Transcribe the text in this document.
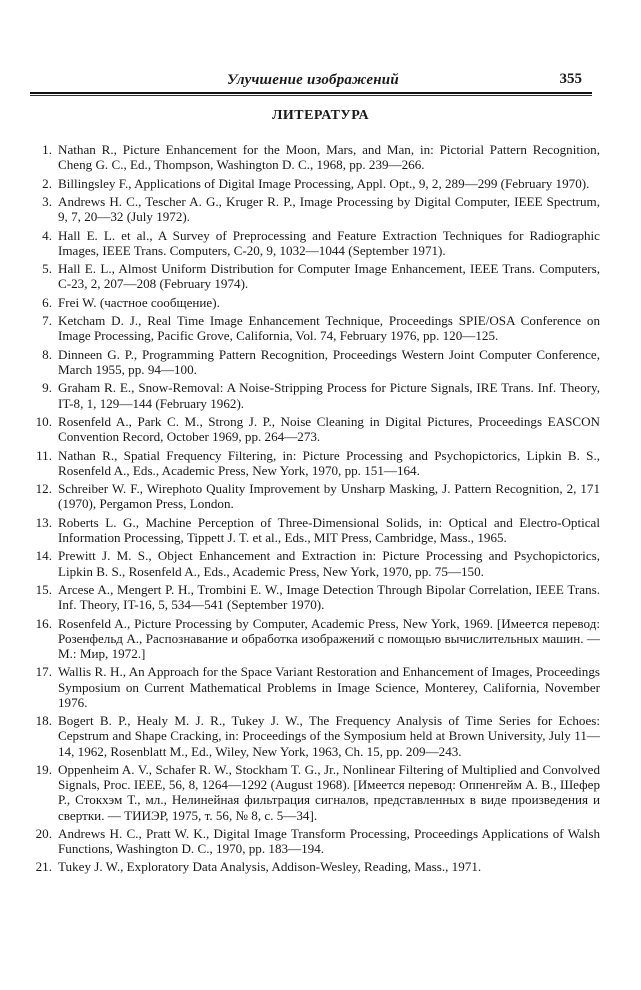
Улучшение изображений	355
ЛИТЕРАТУРА
1. Nathan R., Picture Enhancement for the Moon, Mars, and Man, in: Pictorial Pattern Recognition, Cheng G. C., Ed., Thompson, Washington D. C., 1968, pp. 239—266.
2. Billingsley F., Applications of Digital Image Processing, Appl. Opt., 9, 2, 289—299 (February 1970).
3. Andrews H. C., Tescher A. G., Kruger R. P., Image Processing by Digital Computer, IEEE Spectrum, 9, 7, 20—32 (July 1972).
4. Hall E. L. et al., A Survey of Preprocessing and Feature Extraction Techniques for Radiographic Images, IEEE Trans. Computers, C-20, 9, 1032—1044 (September 1971).
5. Hall E. L., Almost Uniform Distribution for Computer Image Enhancement, IEEE Trans. Computers, C-23, 2, 207—208 (February 1974).
6. Frei W. (частное сообщение).
7. Ketcham D. J., Real Time Image Enhancement Technique, Proceedings SPIE/OSA Conference on Image Processing, Pacific Grove, California, Vol. 74, February 1976, pp. 120—125.
8. Dinneen G. P., Programming Pattern Recognition, Proceedings Western Joint Computer Conference, March 1955, pp. 94—100.
9. Graham R. E., Snow-Removal: A Noise-Stripping Process for Picture Signals, IRE Trans. Inf. Theory, IT-8, 1, 129—144 (February 1962).
10. Rosenfeld A., Park C. M., Strong J. P., Noise Cleaning in Digital Pictures, Proceedings EASCON Convention Record, October 1969, pp. 264—273.
11. Nathan R., Spatial Frequency Filtering, in: Picture Processing and Psychopictorics, Lipkin B. S., Rosenfeld A., Eds., Academic Press, New York, 1970, pp. 151—164.
12. Schreiber W. F., Wirephoto Quality Improvement by Unsharp Masking, J. Pattern Recognition, 2, 171 (1970), Pergamon Press, London.
13. Roberts L. G., Machine Perception of Three-Dimensional Solids, in: Optical and Electro-Optical Information Processing, Tippett J. T. et al., Eds., MIT Press, Cambridge, Mass., 1965.
14. Prewitt J. M. S., Object Enhancement and Extraction in: Picture Processing and Psychopictorics, Lipkin B. S., Rosenfeld A., Eds., Academic Press, New York, 1970, pp. 75—150.
15. Arcese A., Mengert P. H., Trombini E. W., Image Detection Through Bipolar Correlation, IEEE Trans. Inf. Theory, IT-16, 5, 534—541 (September 1970).
16. Rosenfeld A., Picture Processing by Computer, Academic Press, New York, 1969. [Имеется перевод: Розенфельд А., Распознавание и обработка изображений с помощью вычислительных машин. — М.: Мир, 1972.]
17. Wallis R. H., An Approach for the Space Variant Restoration and Enhancement of Images, Proceedings Symposium on Current Mathematical Problems in Image Science, Monterey, California, November 1976.
18. Bogert B. P., Healy M. J. R., Tukey J. W., The Frequency Analysis of Time Series for Echoes: Cepstrum and Shape Cracking, in: Proceedings of the Symposium held at Brown University, July 11—14, 1962, Rosenblatt M., Ed., Wiley, New York, 1963, Ch. 15, pp. 209—243.
19. Oppenheim A. V., Schafer R. W., Stockham T. G., Jr., Nonlinear Filtering of Multiplied and Convolved Signals, Proc. IEEE, 56, 8, 1264—1292 (August 1968). [Имеется перевод: Оппенгейм А. В., Шефер Р., Стокхэм Т., мл., Нелинейная фильтрация сигналов, представленных в виде произведения и свертки. — ТИИЭР, 1975, т. 56, № 8, с. 5—34].
20. Andrews H. C., Pratt W. K., Digital Image Transform Processing, Proceedings Applications of Walsh Functions, Washington D. C., 1970, pp. 183—194.
21. Tukey J. W., Exploratory Data Analysis, Addison-Wesley, Reading, Mass., 1971.
